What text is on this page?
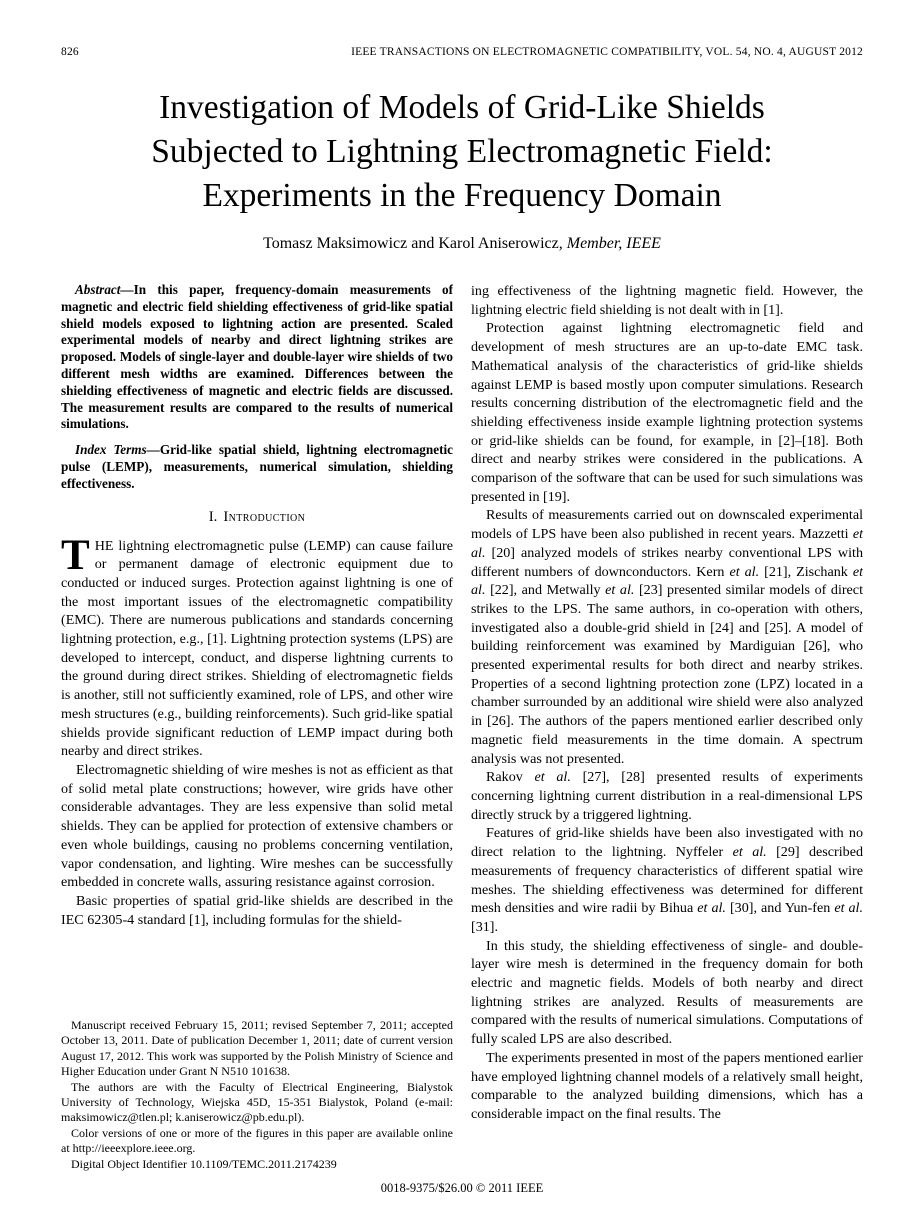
826	IEEE TRANSACTIONS ON ELECTROMAGNETIC COMPATIBILITY, VOL. 54, NO. 4, AUGUST 2012
Investigation of Models of Grid-Like Shields
Subjected to Lightning Electromagnetic Field:
Experiments in the Frequency Domain
Tomasz Maksimowicz and Karol Aniserowicz, Member, IEEE

Abstract—In this paper, frequency-domain measurements of magnetic and electric field shielding effectiveness of grid-like spatial shield models exposed to lightning action are presented. Scaled experimental models of nearby and direct lightning strikes are proposed. Models of single-layer and double-layer wire shields of two different mesh widths are examined. Differences between the shielding effectiveness of magnetic and electric fields are discussed. The measurement results are compared to the results of numerical simulations.

Index Terms—Grid-like spatial shield, lightning electromagnetic pulse (LEMP), measurements, numerical simulation, shielding effectiveness.

I. Introduction

THE lightning electromagnetic pulse (LEMP) can cause failure or permanent damage of electronic equipment due to conducted or induced surges. Protection against lightning is one of the most important issues of the electromagnetic compatibility (EMC). There are numerous publications and standards concerning lightning protection, e.g., [1]. Lightning protection systems (LPS) are developed to intercept, conduct, and disperse lightning currents to the ground during direct strikes. Shielding of electromagnetic fields is another, still not sufficiently examined, role of LPS, and other wire mesh structures (e.g., building reinforcements). Such grid-like spatial shields provide significant reduction of LEMP impact during both nearby and direct strikes.

Electromagnetic shielding of wire meshes is not as efficient as that of solid metal plate constructions; however, wire grids have other considerable advantages. They are less expensive than solid metal shields. They can be applied for protection of extensive chambers or even whole buildings, causing no problems concerning ventilation, vapor condensation, and lighting. Wire meshes can be successfully embedded in concrete walls, assuring resistance against corrosion.

Basic properties of spatial grid-like shields are described in the IEC 62305-4 standard [1], including formulas for the shield-

Manuscript received February 15, 2011; revised September 7, 2011; accepted October 13, 2011. Date of publication December 1, 2011; date of current version August 17, 2012. This work was supported by the Polish Ministry of Science and Higher Education under Grant N N510 101638.

The authors are with the Faculty of Electrical Engineering, Bialystok University of Technology, Wiejska 45D, 15-351 Bialystok, Poland (e-mail: maksimowicz@tlen.pl; k.aniserowicz@pb.edu.pl).

Color versions of one or more of the figures in this paper are available online at http://ieeexplore.ieee.org.

Digital Object Identifier 10.1109/TEMC.2011.2174239

ing effectiveness of the lightning magnetic field. However, the lightning electric field shielding is not dealt with in [1].

Protection against lightning electromagnetic field and development of mesh structures are an up-to-date EMC task. Mathematical analysis of the characteristics of grid-like shields against LEMP is based mostly upon computer simulations. Research results concerning distribution of the electromagnetic field and the shielding effectiveness inside example lightning protection systems or grid-like shields can be found, for example, in [2]–[18]. Both direct and nearby strikes were considered in the publications. A comparison of the software that can be used for such simulations was presented in [19].

Results of measurements carried out on downscaled experimental models of LPS have been also published in recent years. Mazzetti et al. [20] analyzed models of strikes nearby conventional LPS with different numbers of downconductors. Kern et al. [21], Zischank et al. [22], and Metwally et al. [23] presented similar models of direct strikes to the LPS. The same authors, in co-operation with others, investigated also a double-grid shield in [24] and [25]. A model of building reinforcement was examined by Mardiguian [26], who presented experimental results for both direct and nearby strikes. Properties of a second lightning protection zone (LPZ) located in a chamber surrounded by an additional wire shield were also analyzed in [26]. The authors of the papers mentioned earlier described only magnetic field measurements in the time domain. A spectrum analysis was not presented.

Rakov et al. [27], [28] presented results of experiments concerning lightning current distribution in a real-dimensional LPS directly struck by a triggered lightning.

Features of grid-like shields have been also investigated with no direct relation to the lightning. Nyffeler et al. [29] described measurements of frequency characteristics of different spatial wire meshes. The shielding effectiveness was determined for different mesh densities and wire radii by Bihua et al. [30], and Yun-fen et al. [31].

In this study, the shielding effectiveness of single- and double-layer wire mesh is determined in the frequency domain for both electric and magnetic fields. Models of both nearby and direct lightning strikes are analyzed. Results of measurements are compared with the results of numerical simulations. Computations of fully scaled LPS are also described.

The experiments presented in most of the papers mentioned earlier have employed lightning channel models of a relatively small height, comparable to the analyzed building dimensions, which has a considerable impact on the final results. The

0018-9375/$26.00 © 2011 IEEE
